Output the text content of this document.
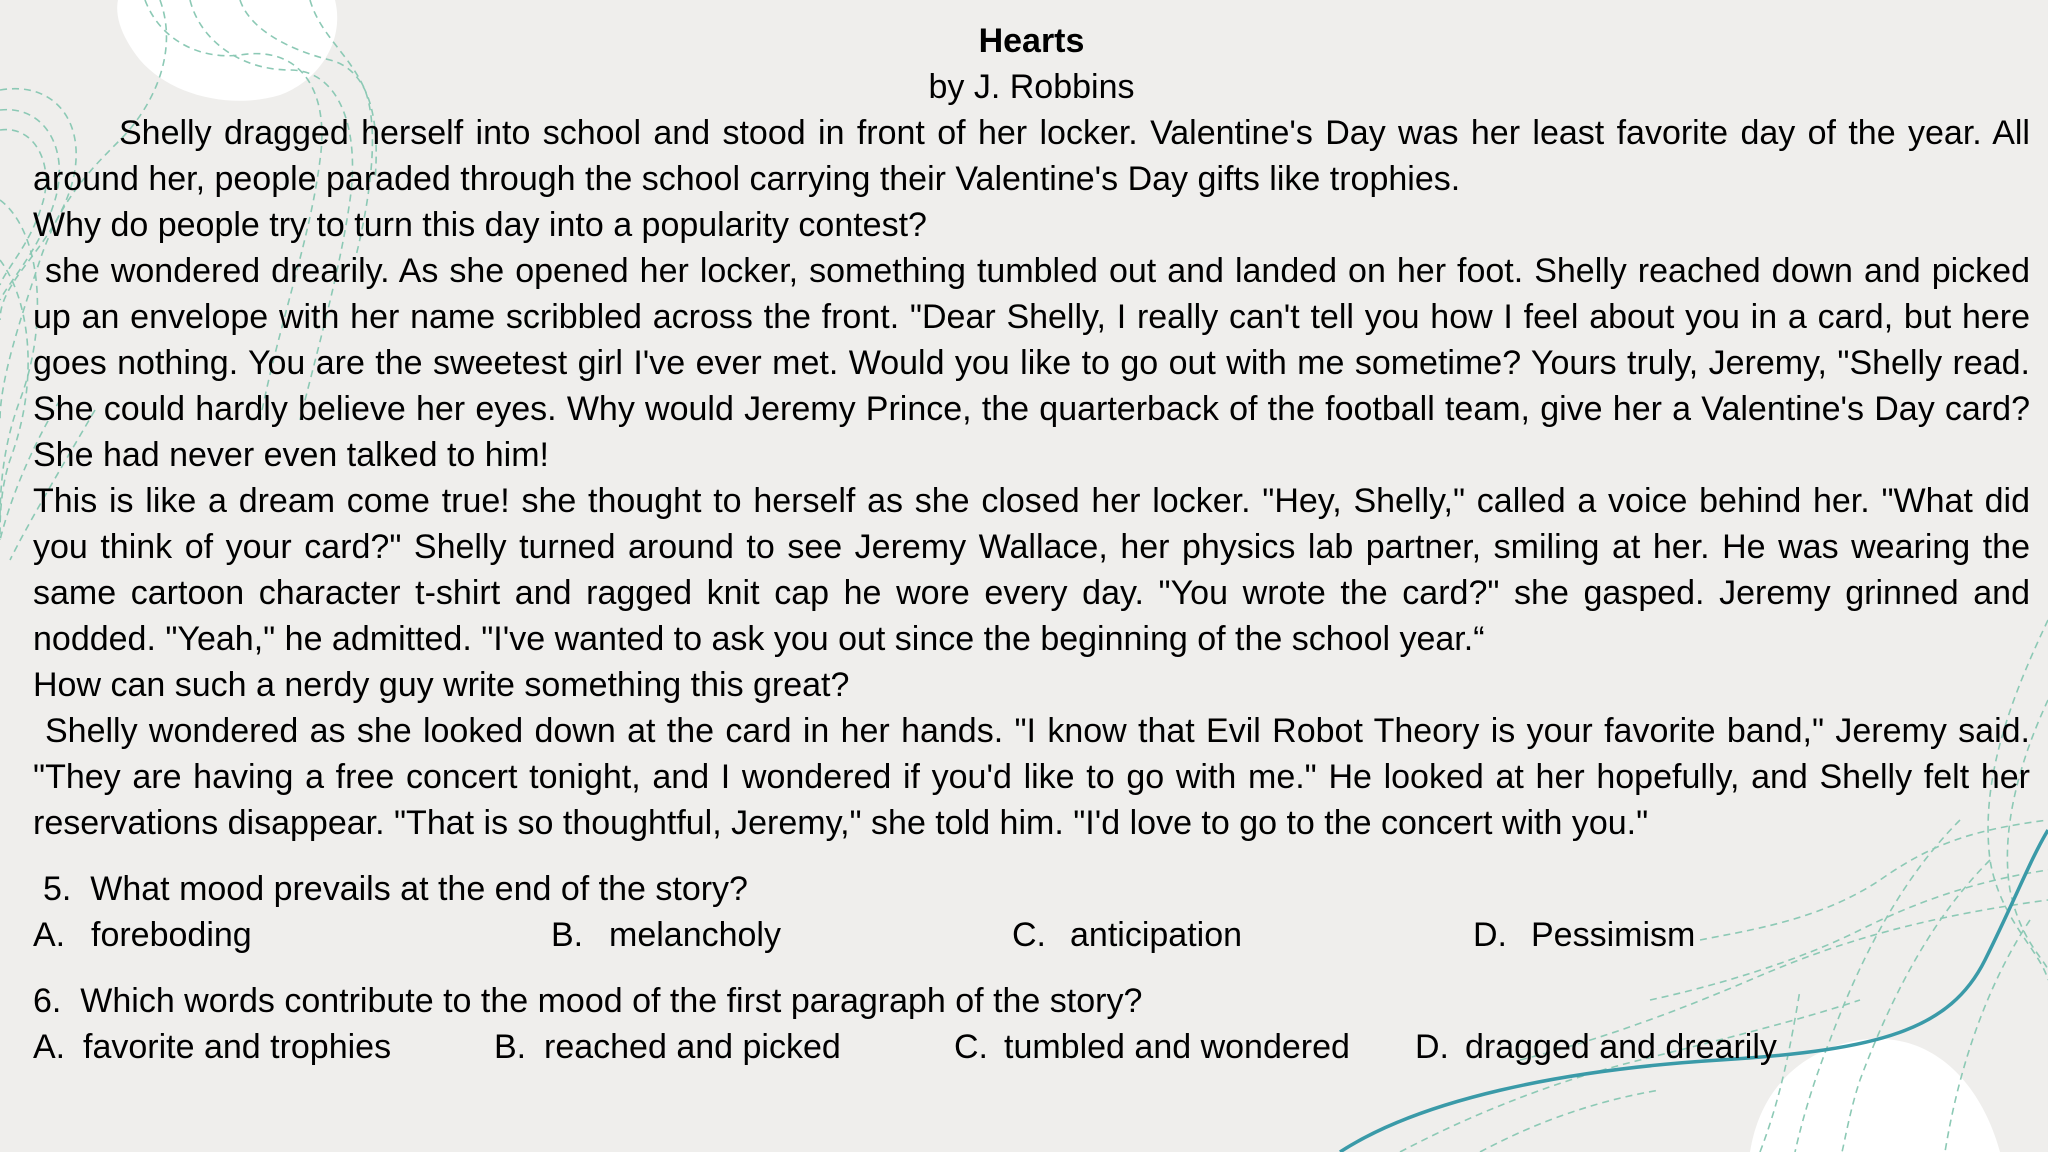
Hearts

by J. Robbins

Shelly dragged herself into school and stood in front of her locker. Valentine's Day was her least favorite day of the year. All around her, people paraded through the school carrying their Valentine's Day gifts like trophies.

Why do people try to turn this day into a popularity contest?

she wondered drearily. As she opened her locker, something tumbled out and landed on her foot. Shelly reached down and picked up an envelope with her name scribbled across the front. "Dear Shelly, I really can't tell you how I feel about you in a card, but here goes nothing. You are the sweetest girl I've ever met. Would you like to go out with me sometime? Yours truly, Jeremy, "Shelly read. She could hardly believe her eyes. Why would Jeremy Prince, the quarterback of the football team, give her a Valentine's Day card? She had never even talked to him!

This is like a dream come true! she thought to herself as she closed her locker. "Hey, Shelly," called a voice behind her. "What did you think of your card?" Shelly turned around to see Jeremy Wallace, her physics lab partner, smiling at her. He was wearing the same cartoon character t-shirt and ragged knit cap he wore every day. "You wrote the card?" she gasped. Jeremy grinned and nodded. "Yeah," he admitted. "I've wanted to ask you out since the beginning of the school year.“

How can such a nerdy guy write something this great?

Shelly wondered as she looked down at the card in her hands. "I know that Evil Robot Theory is your favorite band," Jeremy said. "They are having a free concert tonight, and I wondered if you'd like to go with me." He looked at her hopefully, and Shelly felt her reservations disappear. "That is so thoughtful, Jeremy," she told him. "I'd love to go to the concert with you."

5. What mood prevails at the end of the story?

A. foreboding	B. melancholy	C. anticipation	D. Pessimism

6. Which words contribute to the mood of the first paragraph of the story?

A. favorite and trophies	B. reached and picked	C. tumbled and wondered D. dragged and drearily
